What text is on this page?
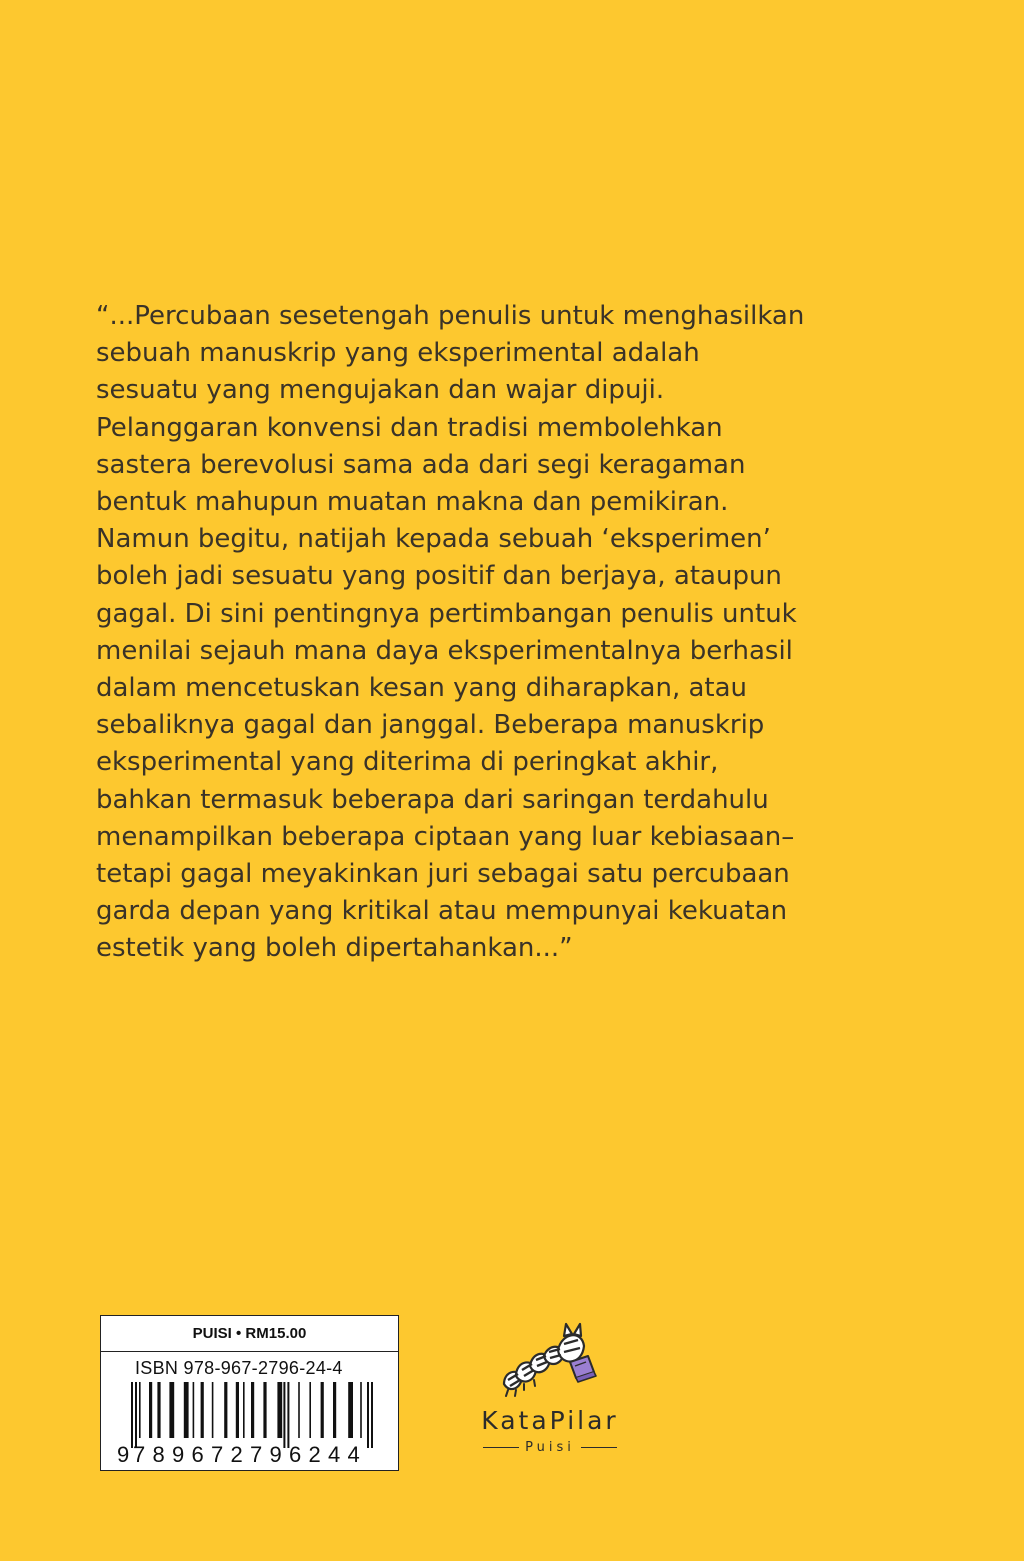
“...Percubaan sesetengah penulis untuk menghasilkan
sebuah manuskrip yang eksperimental adalah
sesuatu yang mengujakan dan wajar dipuji.
Pelanggaran konvensi dan tradisi membolehkan
sastera berevolusi sama ada dari segi keragaman
bentuk mahupun muatan makna dan pemikiran.
Namun begitu, natijah kepada sebuah ‘eksperimen’
boleh jadi sesuatu yang positif dan berjaya, ataupun
gagal. Di sini pentingnya pertimbangan penulis untuk
menilai sejauh mana daya eksperimentalnya berhasil
dalam mencetuskan kesan yang diharapkan, atau
sebaliknya gagal dan janggal. Beberapa manuskrip
eksperimental yang diterima di peringkat akhir,
bahkan termasuk beberapa dari saringan terdahulu
menampilkan beberapa ciptaan yang luar kebiasaan–
tetapi gagal meyakinkan juri sebagai satu percubaan
garda depan yang kritikal atau mempunyai kekuatan
estetik yang boleh dipertahankan...”
PUISI • RM15.00
ISBN 978-967-2796-24-4
9 7 8 9 6 7 2 7 9 6 2 4 4
KataPilar
Puisi
